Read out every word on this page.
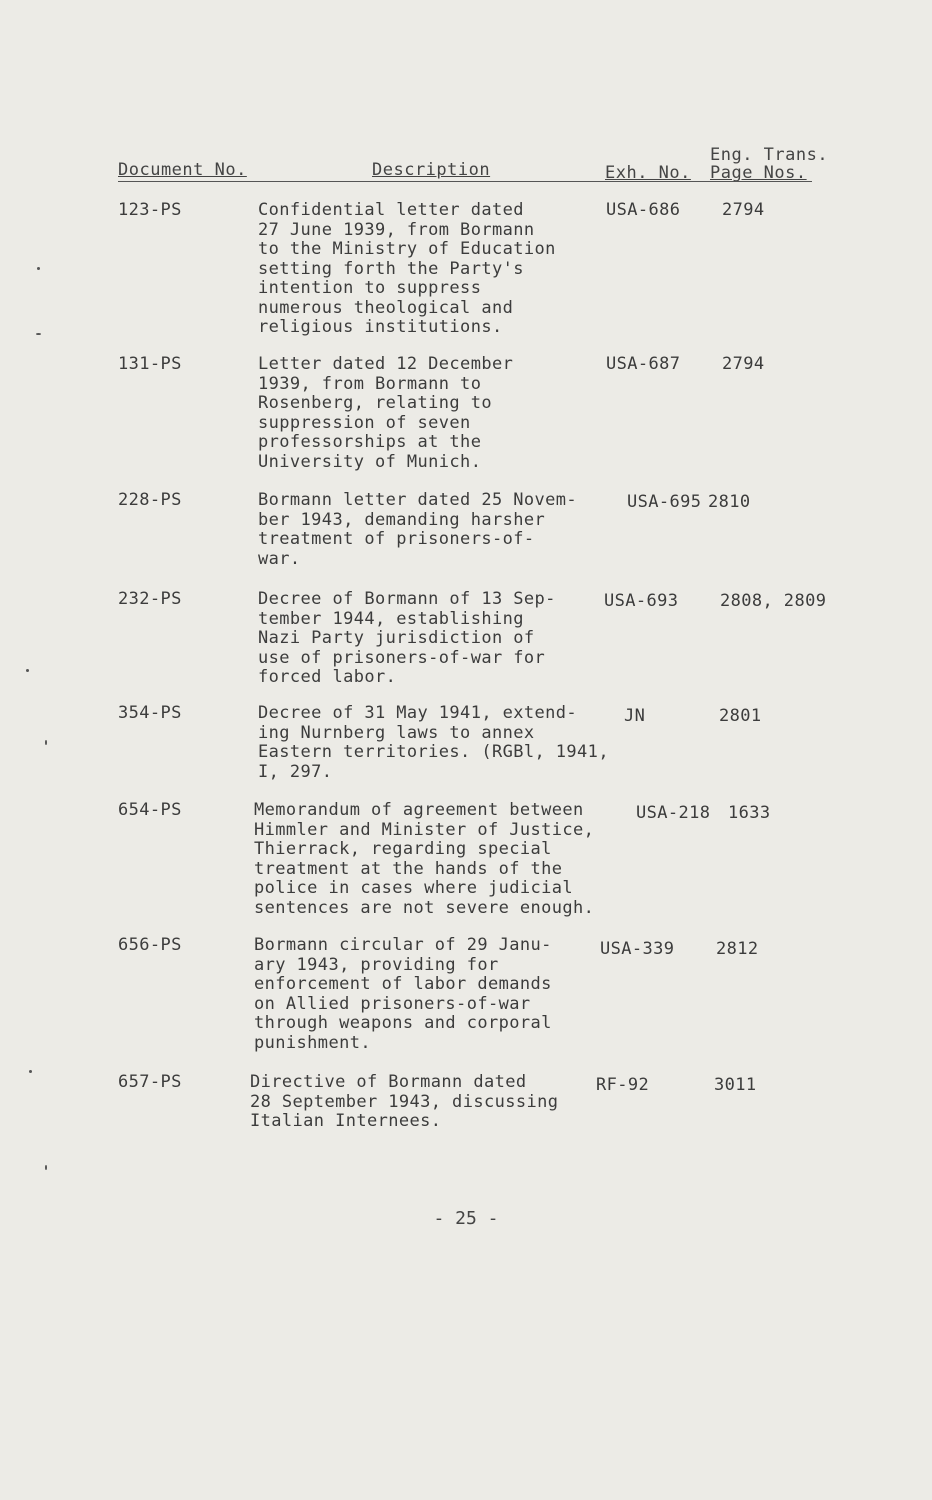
Document No.	Description	Exh. No.
Eng. Trans.
Page Nos.
123-PS	Confidential letter dated
27 June 1939, from Bormann
to the Ministry of Education
setting forth the Party's
intention to suppress
numerous theological and
religious institutions.
USA-686 2794
131-PS	Letter dated 12 December
1939, from Bormann to
Rosenberg, relating to
suppression of seven
professorships at the
University of Munich.
USA-687 2794
228-PS	Bormann letter dated 25 Novem-
ber 1943, demanding harsher
treatment of prisoners-of-
war.
USA-695 2810
232-PS	Decree of Bormann of 13 Sep-
tember 1944, establishing
Nazi Party jurisdiction of
use of prisoners-of-war for
forced labor.
USA-693 2808, 2809
354-PS	Decree of 31 May 1941, extend-
ing Nurnberg laws to annex
Eastern territories. (RGBl, 1941,
I, 297.
JN	2801
654-PS	Memorandum of agreement between
Himmler and Minister of Justice,
Thierrack, regarding special
treatment at the hands of the
police in cases where judicial
sentences are not severe enough.
USA-218 1633
656-PS	Bormann circular of 29 Janu-
ary 1943, providing for
enforcement of labor demands
on Allied prisoners-of-war
through weapons and corporal
punishment.
USA-339 2812
657-PS	Directive of Bormann dated
28 September 1943, discussing
Italian Internees.
RF-92	3011
- 25 -
